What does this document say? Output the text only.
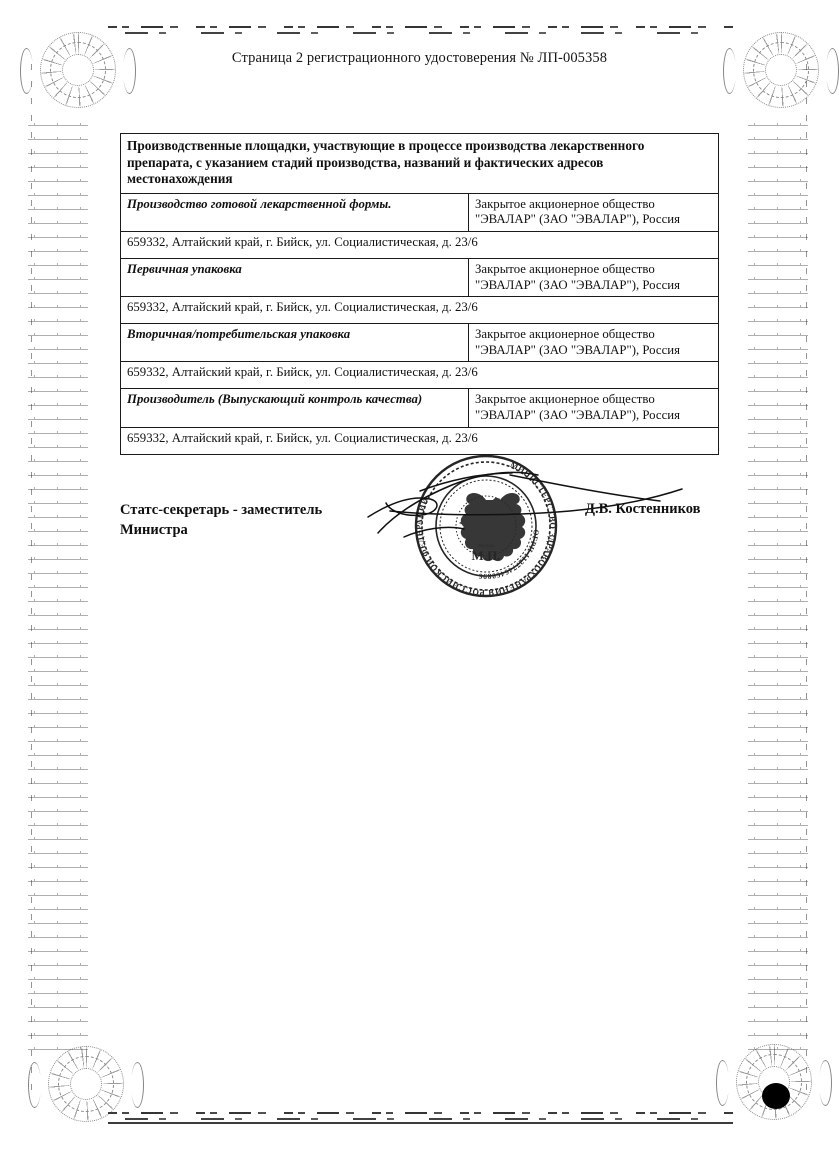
Страница 2 регистрационного удостоверения № ЛП-005358
Производственные площадки, участвующие в процессе производства лекарственного препарата, с указанием стадий производства, названий и фактических адресов местонахождения	
Производство готовой лекарственной формы.	Закрытое акционерное общество "ЭВАЛАР" (ЗАО "ЭВАЛАР"), Россия
659332, Алтайский край, г. Бийск, ул. Социалистическая, д. 23/6	
Первичная упаковка	Закрытое акционерное общество "ЭВАЛАР" (ЗАО "ЭВАЛАР"), Россия
659332, Алтайский край, г. Бийск, ул. Социалистическая, д. 23/6	
Вторичная/потребительская упаковка	Закрытое акционерное общество "ЭВАЛАР" (ЗАО "ЭВАЛАР"), Россия
659332, Алтайский край, г. Бийск, ул. Социалистическая, д. 23/6	
Производитель (Выпускающий контроль качества)	Закрытое акционерное общество "ЭВАЛАР" (ЗАО "ЭВАЛАР"), Россия
659332, Алтайский край, г. Бийск, ул. Социалистическая, д. 23/6	
Статс-секретарь - заместитель
Министра
Д.В. Костенников
МИНИСТЕРСТВО ЗДРАВООХРАНЕНИЯ РОССИЙСКОЙ ФЕДЕРАЦИИ
ОГРН 1127746460896
М.П.
Москва
